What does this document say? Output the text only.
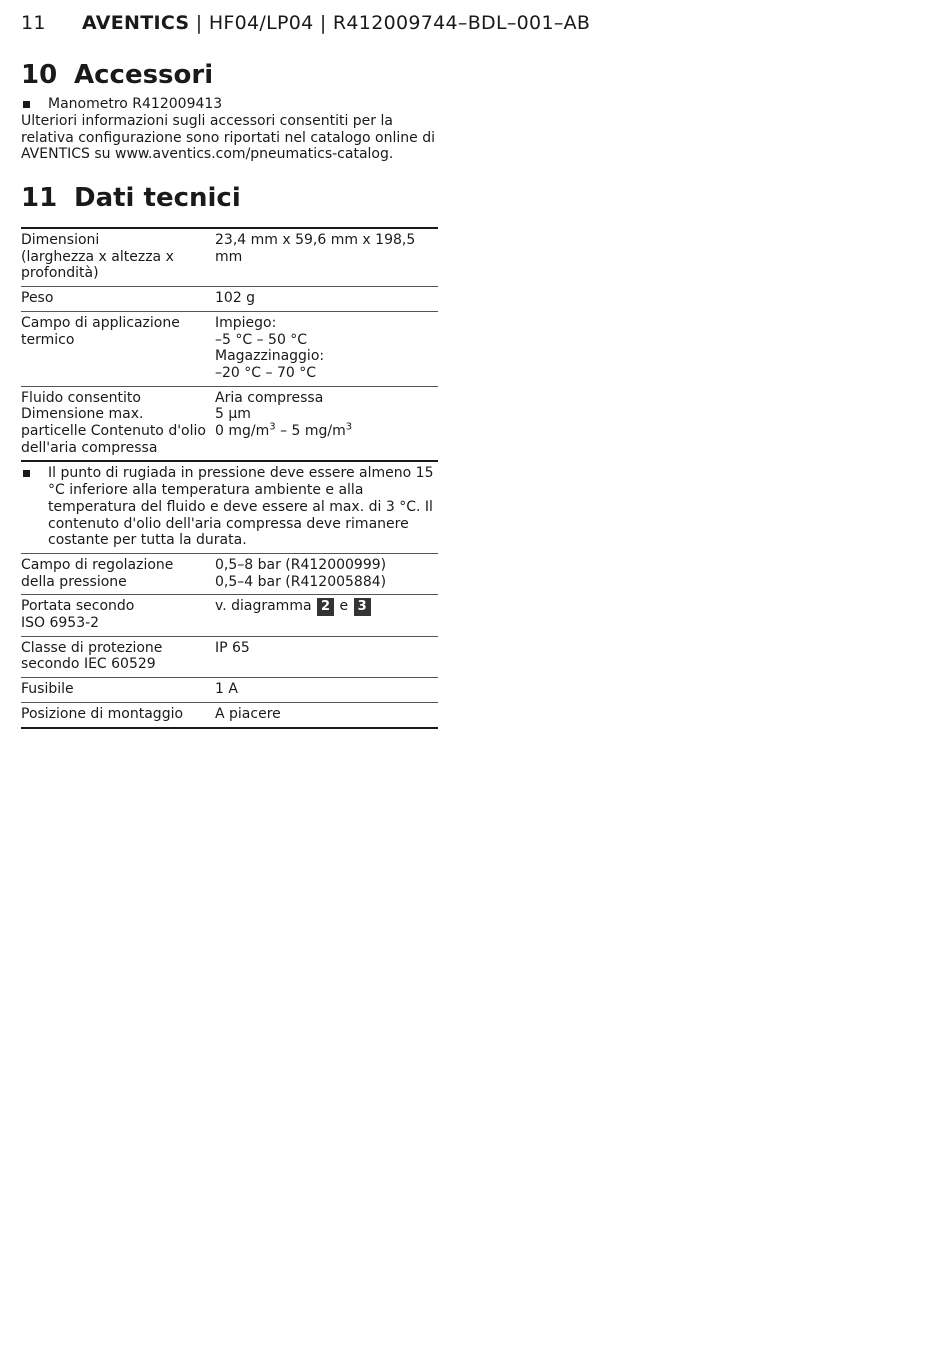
11 AVENTICS | HF04/LP04 | R412009744–BDL–001–AB
10 Accessori
Manometro R412009413
Ulteriori informazioni sugli accessori consentiti per la relativa configurazione sono riportati nel catalogo online di AVENTICS su www.aventics.com/pneumatics-catalog.
11 Dati tecnici
Dimensioni
(larghezza x altezza x
profondità)	23,4 mm x 59,6 mm x 198,5 mm
Peso	102 g

Campo di applicazione
termico	Impiego:
–5 °C – 50 °C
Magazzinaggio:
–20 °C – 70 °C

Fluido consentito
Dimensione max.
particelle Contenuto d'olio
dell'aria compressa	Aria compressa
5 µm
0 $mg/m^3 - 5$ $mg/m^3$

Il punto di rugiada in pressione deve essere almeno 15 °C inferiore alla temperatura ambiente e alla temperatura del fluido e deve essere al max. di 3 °C. Il contenuto d'olio dell'aria compressa deve rimanere costante per tutta la durata.	

Campo di regolazione
della pressione	0,5–8 bar (R412000999)
0,5–4 bar (R412005884)

Portata secondo
ISO 6953-2	v. diagramma 2 e 3

Classe di protezione
secondo IEC 60529	IP 65
Fusibile	1 A
Posizione di montaggio	A piacere
